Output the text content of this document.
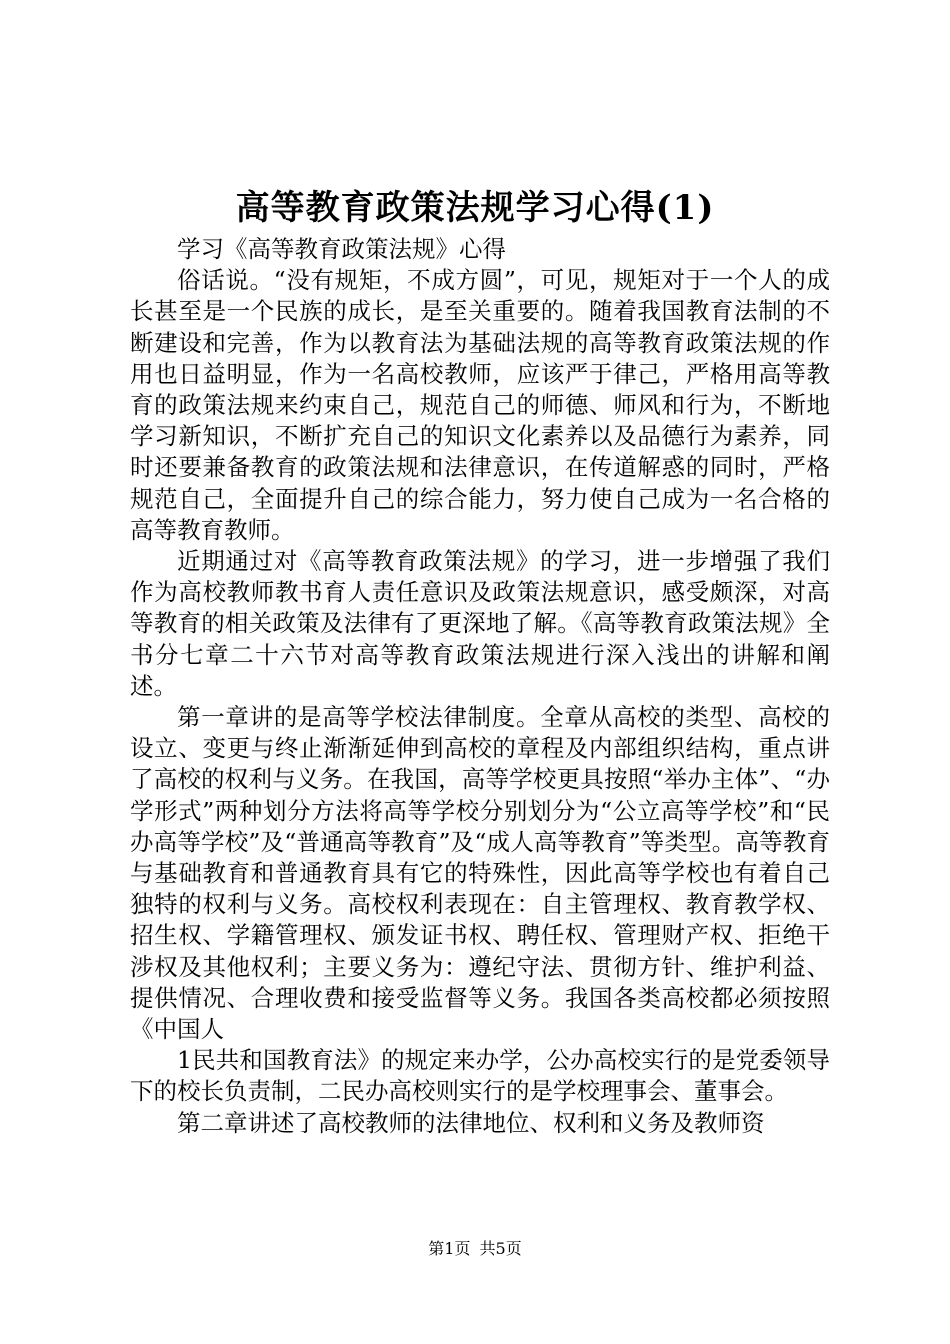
高等教育政策法规学习心得(1)

学习《高等教育政策法规》心得

俗话说。“没有规矩，不成方圆”，可见，规矩对于一个人的成长甚至是一个民族的成长，是至关重要的。随着我国教育法制的不断建设和完善，作为以教育法为基础法规的高等教育政策法规的作用也日益明显，作为一名高校教师，应该严于律己，严格用高等教育的政策法规来约束自己，规范自己的师德、师风和行为，不断地学习新知识，不断扩充自己的知识文化素养以及品德行为素养，同时还要兼备教育的政策法规和法律意识，在传道解惑的同时，严格规范自己，全面提升自己的综合能力，努力使自己成为一名合格的高等教育教师。

近期通过对《高等教育政策法规》的学习，进一步增强了我们作为高校教师教书育人责任意识及政策法规意识，感受颇深，对高等教育的相关政策及法律有了更深地了解。《高等教育政策法规》全书分七章二十六节对高等教育政策法规进行深入浅出的讲解和阐述。

第一章讲的是高等学校法律制度。全章从高校的类型、高校的设立、变更与终止渐渐延伸到高校的章程及内部组织结构，重点讲了高校的权利与义务。在我国，高等学校更具按照“举办主体”、“办学形式”两种划分方法将高等学校分别划分为“公立高等学校”和“民办高等学校”及“普通高等教育”及“成人高等教育”等类型。高等教育与基础教育和普通教育具有它的特殊性，因此高等学校也有着自己独特的权利与义务。高校权利表现在：自主管理权、教育教学权、招生权、学籍管理权、颁发证书权、聘任权、管理财产权、拒绝干涉权及其他权利；主要义务为：遵纪守法、贯彻方针、维护利益、提供情况、合理收费和接受监督等义务。我国各类高校都必须按照《中国人

1民共和国教育法》的规定来办学，公办高校实行的是党委领导下的校长负责制，二民办高校则实行的是学校理事会、董事会。

第二章讲述了高校教师的法律地位、权利和义务及教师资

第1页 共5页
